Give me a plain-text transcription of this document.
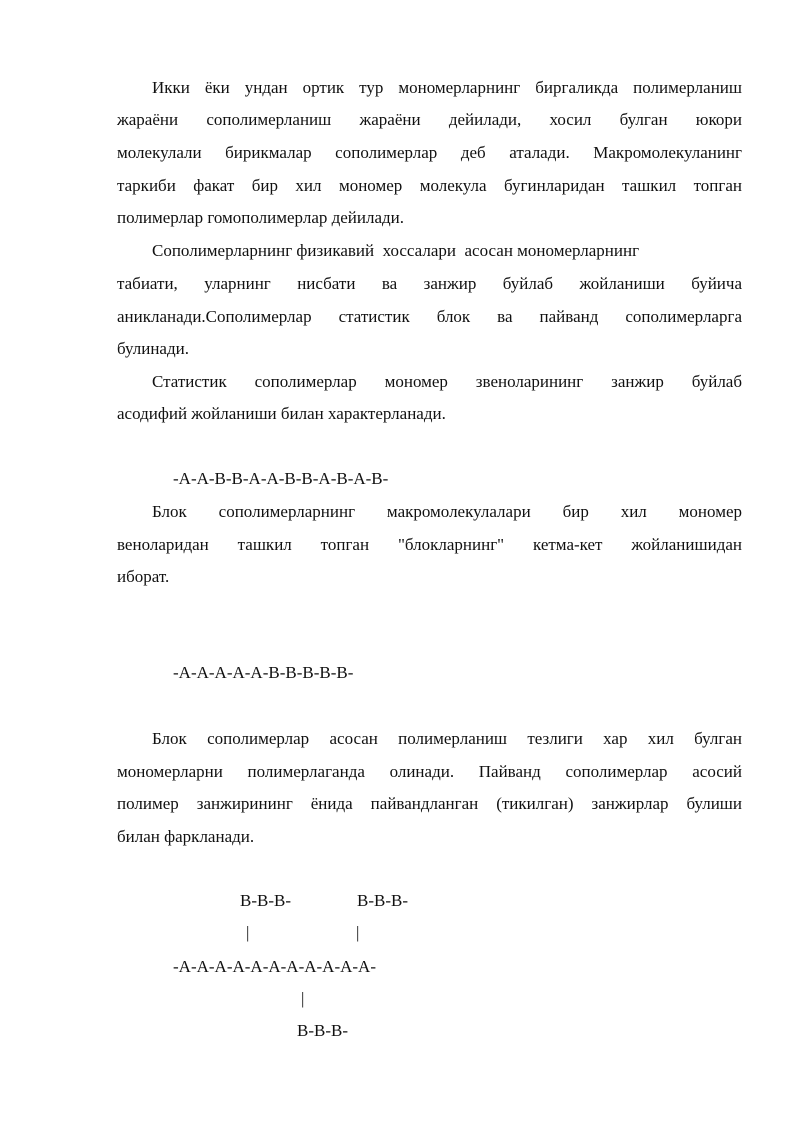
Икки ёки ундан ортик тур мономерларнинг биргаликда полимерланиш
жараёни сополимерланиш жараёни дейилади, хосил булган юкори
молекулали бирикмалар сополимерлар деб аталади. Макромолекуланинг
таркиби факат бир хил мономер молекула бугинларидан ташкил топган
полимерлар гомополимерлар дейилади.
Сополимерларнинг физикавий  хоссалари  асосан мономерларнинг
табиати, уларнинг нисбати ва занжир буйлаб жойланиши буйича
аникланади.Сополимерлар статистик блок ва пайванд сополимерларга
булинади.
Статистик сополимерлар мономер звеноларининг занжир буйлаб
асодифий жойланиши билан характерланади.
-А-А-В-В-А-А-В-В-А-В-А-В-
Блок сополимерларнинг макромолекулалари бир хил мономер
веноларидан ташкил топган "блокларнинг" кетма-кет жойланишидан
иборат.
-А-А-А-А-А-В-В-В-В-В-
Блок сополимерлар асосан полимерланиш тезлиги хар хил булган
мономерларни полимерлаганда олинади. Пайванд сополимерлар асосий
полимер занжирининг ёнида пайвандланган (тикилган) занжирлар булиши
билан фаркланади.
В-В-В-	В-В-В-
|	|
-А-А-А-А-А-А-А-А-А-А-А-
|
В-В-В-
